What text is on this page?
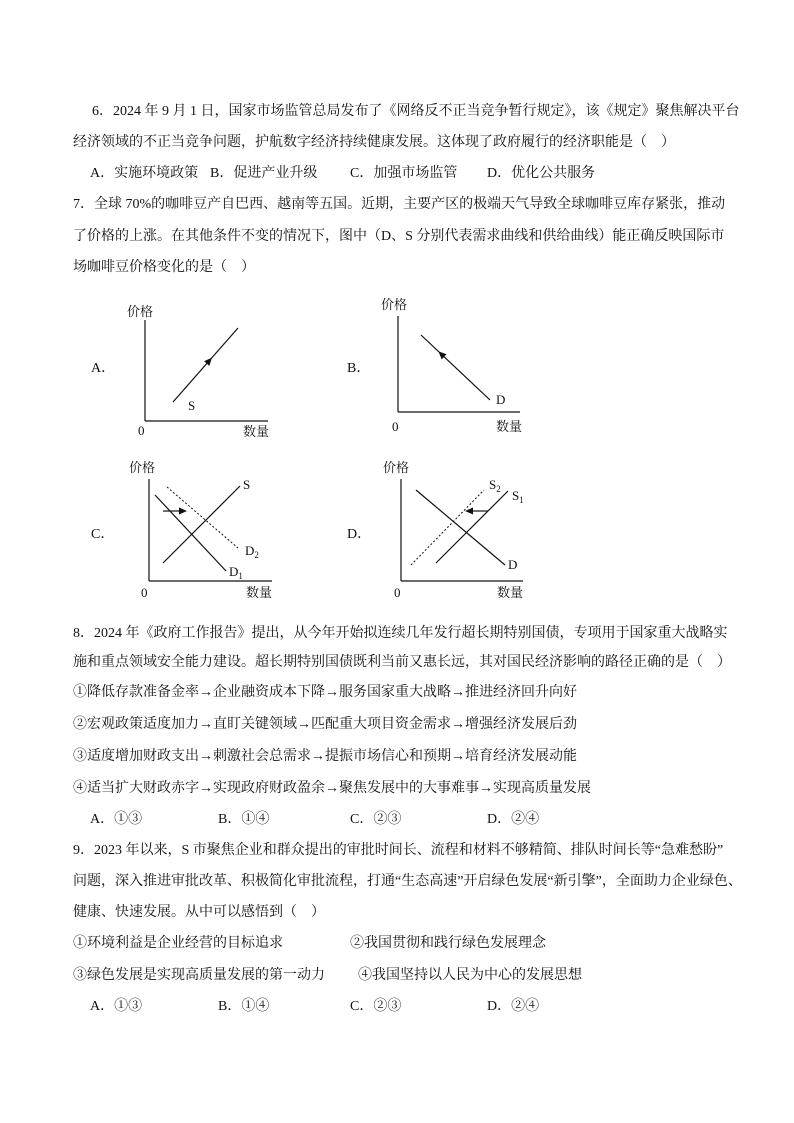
6．2024 年 9 月 1 日，国家市场监管总局发布了《网络反不正当竞争暂行规定》，该《规定》聚焦解决平台
经济领域的不正当竞争问题，护航数字经济持续健康发展。这体现了政府履行的经济职能是（　）
A．实施环境政策 B．促进产业升级 C．加强市场监管 D．优化公共服务
7．全球 70%的咖啡豆产自巴西、越南等五国。近期，主要产区的极端天气导致全球咖啡豆库存紧张，推动
了价格的上涨。在其他条件不变的情况下，图中（D、S 分别代表需求曲线和供给曲线）能正确反映国际市
场咖啡豆价格变化的是（　）
A．
价格
0	数量
S
B．
价格
0	数量
D
C．
价格
0	数量
S
$D_1$
$D_2$
D．
价格
0	数量
D
$S_1$
$S_2$
8．2024 年《政府工作报告》提出，从今年开始拟连续几年发行超长期特别国债，专项用于国家重大战略实
施和重点领域安全能力建设。超长期特别国债既利当前又惠长远，其对国民经济影响的路径正确的是（　）
①降低存款准备金率→企业融资成本下降→服务国家重大战略→推进经济回升向好
②宏观政策适度加力→直盯关键领域→匹配重大项目资金需求→增强经济发展后劲
③适度增加财政支出→刺激社会总需求→提振市场信心和预期→培育经济发展动能
④适当扩大财政赤字→实现政府财政盈余→聚焦发展中的大事难事→实现高质量发展
A．①③	B．①④	C．②③	D．②④
9．2023 年以来，S 市聚焦企业和群众提出的审批时间长、流程和材料不够精简、排队时间长等“急难愁盼”
问题，深入推进审批改革、积极简化审批流程，打通“生态高速”开启绿色发展“新引擎”，全面助力企业绿色、
健康、快速发展。从中可以感悟到（　）
①环境利益是企业经营的目标追求	②我国贯彻和践行绿色发展理念
③绿色发展是实现高质量发展的第一动力 ④我国坚持以人民为中心的发展思想
A．①③	B．①④	C．②③	D．②④
